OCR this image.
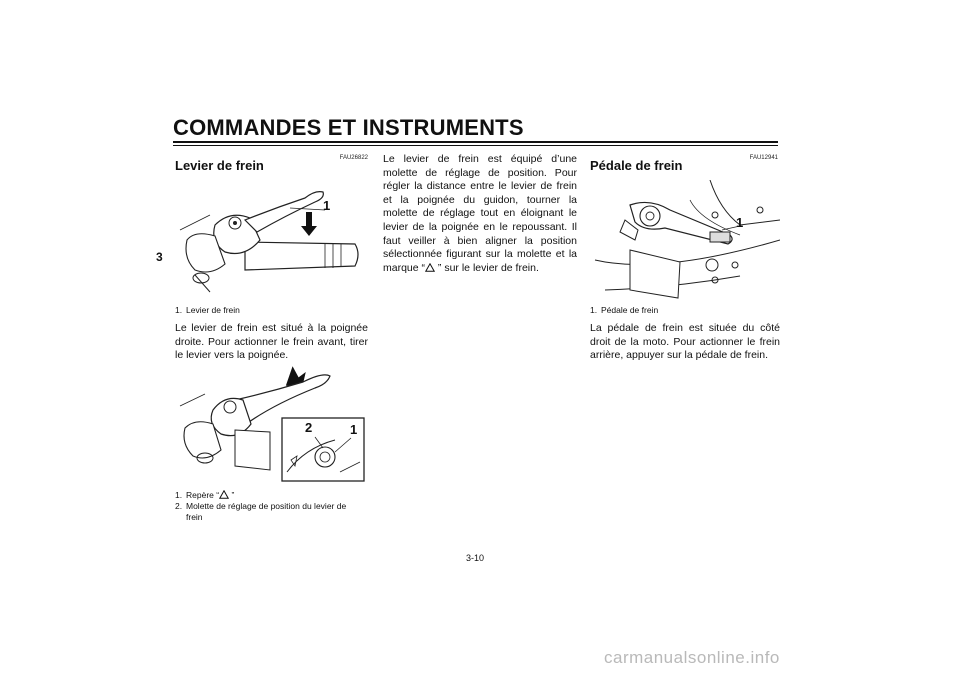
COMMANDES ET INSTRUMENTS
3
FAU26822
Levier de frein
1
1. Levier de frein

Le levier de frein est situé à la poignée droite. Pour actionner le frein avant, tirer le levier vers la poignée.

2	1
1. Repère “ ”
2. Molette de réglage de position du levier de frein

Le levier de frein est équipé d’une molette de réglage de position. Pour régler la distance entre le levier de frein et la poignée du guidon, tourner la molette de réglage tout en éloignant le levier de la poignée en le repoussant. Il faut veiller à bien aligner la position sélectionnée figurant sur la molette et la marque “ ” sur le levier de frein.

FAU12941
Pédale de frein
1
1. Pédale de frein

La pédale de frein est située du côté droit de la moto. Pour actionner le frein arrière, appuyer sur la pédale de frein.

3-10
carmanualsonline.info
